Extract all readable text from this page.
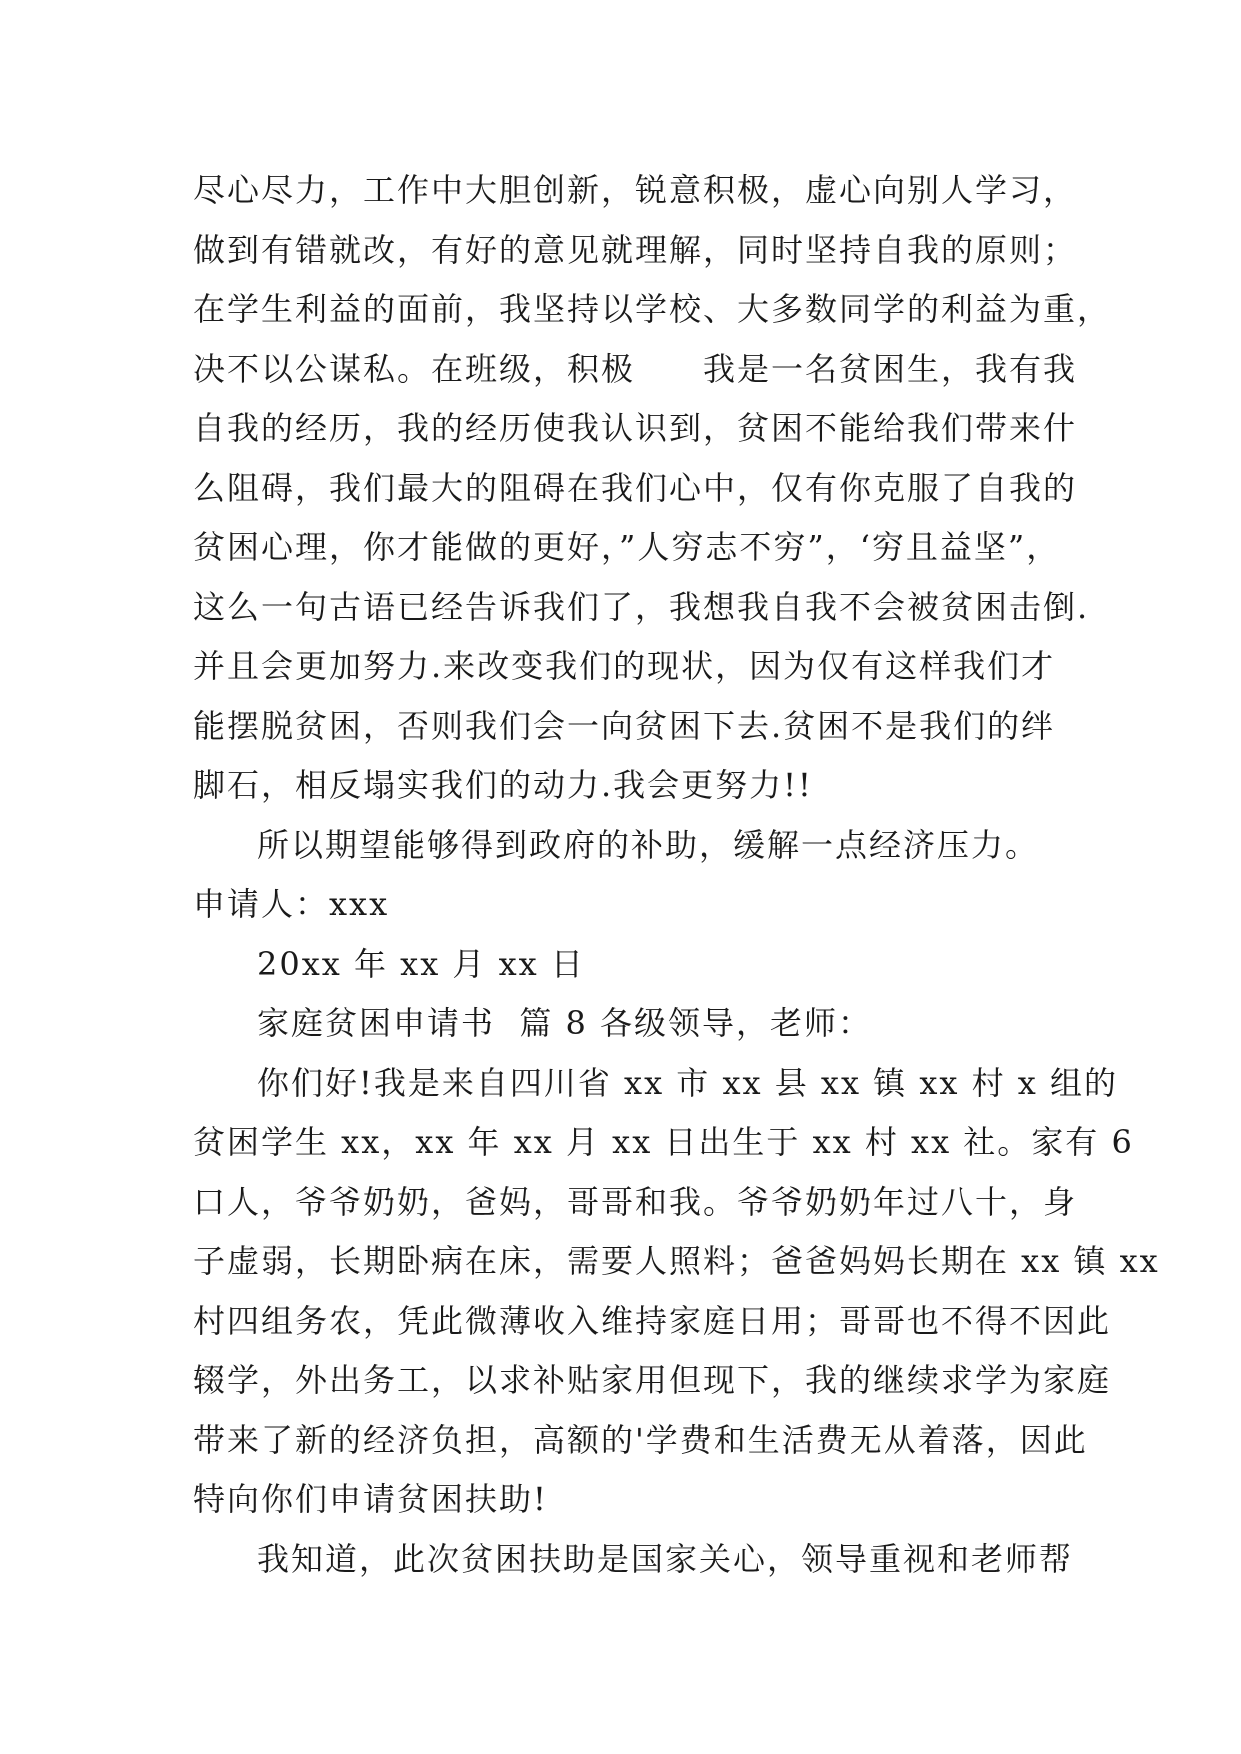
尽心尽力，工作中大胆创新，锐意积极，虚心向别人学习，
做到有错就改，有好的意见就理解，同时坚持自我的原则；
在学生利益的面前，我坚持以学校、大多数同学的利益为重，
决不以公谋私。在班级，积极　　我是一名贫困生，我有我
自我的经历，我的经历使我认识到，贫困不能给我们带来什
么阻碍，我们最大的阻碍在我们心中，仅有你克服了自我的
贫困心理，你才能做的更好，”人穷志不穷”，‘穷且益坚”，
这么一句古语已经告诉我们了，我想我自我不会被贫困击倒.
并且会更加努力.来改变我们的现状，因为仅有这样我们才
能摆脱贫困，否则我们会一向贫困下去.贫困不是我们的绊
脚石，相反塌实我们的动力.我会更努力!!
所以期望能够得到政府的补助，缓解一点经济压力。
申请人：xxx
20xx 年 xx 月 xx 日
家庭贫困申请书  篇 8 各级领导，老师：
你们好!我是来自四川省 xx 市 xx 县 xx 镇 xx 村 x 组的
贫困学生 xx，xx 年 xx 月 xx 日出生于 xx 村 xx 社。家有 6
口人，爷爷奶奶，爸妈，哥哥和我。爷爷奶奶年过八十，身
子虚弱，长期卧病在床，需要人照料；爸爸妈妈长期在 xx 镇 xx
村四组务农，凭此微薄收入维持家庭日用；哥哥也不得不因此
辍学，外出务工，以求补贴家用但现下，我的继续求学为家庭
带来了新的经济负担，高额的'学费和生活费无从着落，因此
特向你们申请贫困扶助!
我知道，此次贫困扶助是国家关心，领导重视和老师帮
